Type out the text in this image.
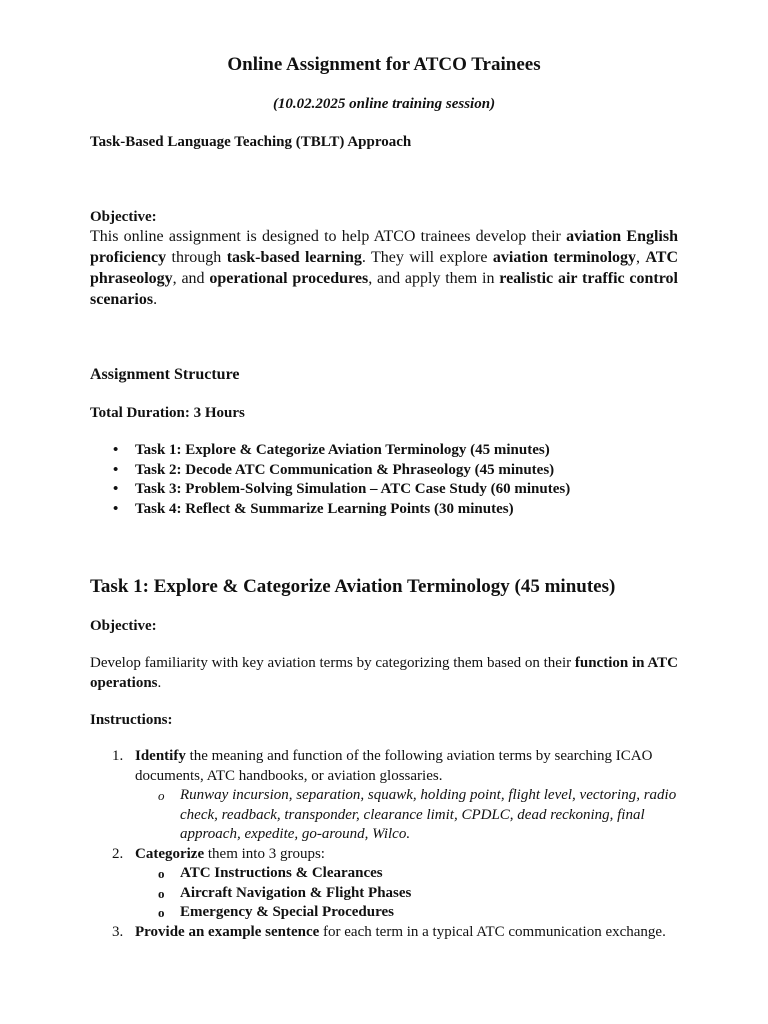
Online Assignment for ATCO Trainees

(10.02.2025 online training session)

Task-Based Language Teaching (TBLT) Approach

Objective:

This online assignment is designed to help ATCO trainees develop their aviation English proficiency through task-based learning. They will explore aviation terminology, ATC phraseology, and operational procedures, and apply them in realistic air traffic control scenarios.

Assignment Structure

Total Duration: 3 Hours

• Task 1: Explore & Categorize Aviation Terminology (45 minutes)
• Task 2: Decode ATC Communication & Phraseology (45 minutes)
• Task 3: Problem-Solving Simulation – ATC Case Study (60 minutes)
• Task 4: Reflect & Summarize Learning Points (30 minutes)

Task 1: Explore & Categorize Aviation Terminology (45 minutes)

Objective:

Develop familiarity with key aviation terms by categorizing them based on their function in ATC operations.

Instructions:

1. Identify the meaning and function of the following aviation terms by searching ICAO documents, ATC handbooks, or aviation glossaries.
o Runway incursion, separation, squawk, holding point, flight level, vectoring, radio check, readback, transponder, clearance limit, CPDLC, dead reckoning, final approach, expedite, go-around, Wilco.
2. Categorize them into 3 groups:
o ATC Instructions & Clearances
o Aircraft Navigation & Flight Phases
o Emergency & Special Procedures
3. Provide an example sentence for each term in a typical ATC communication exchange.
